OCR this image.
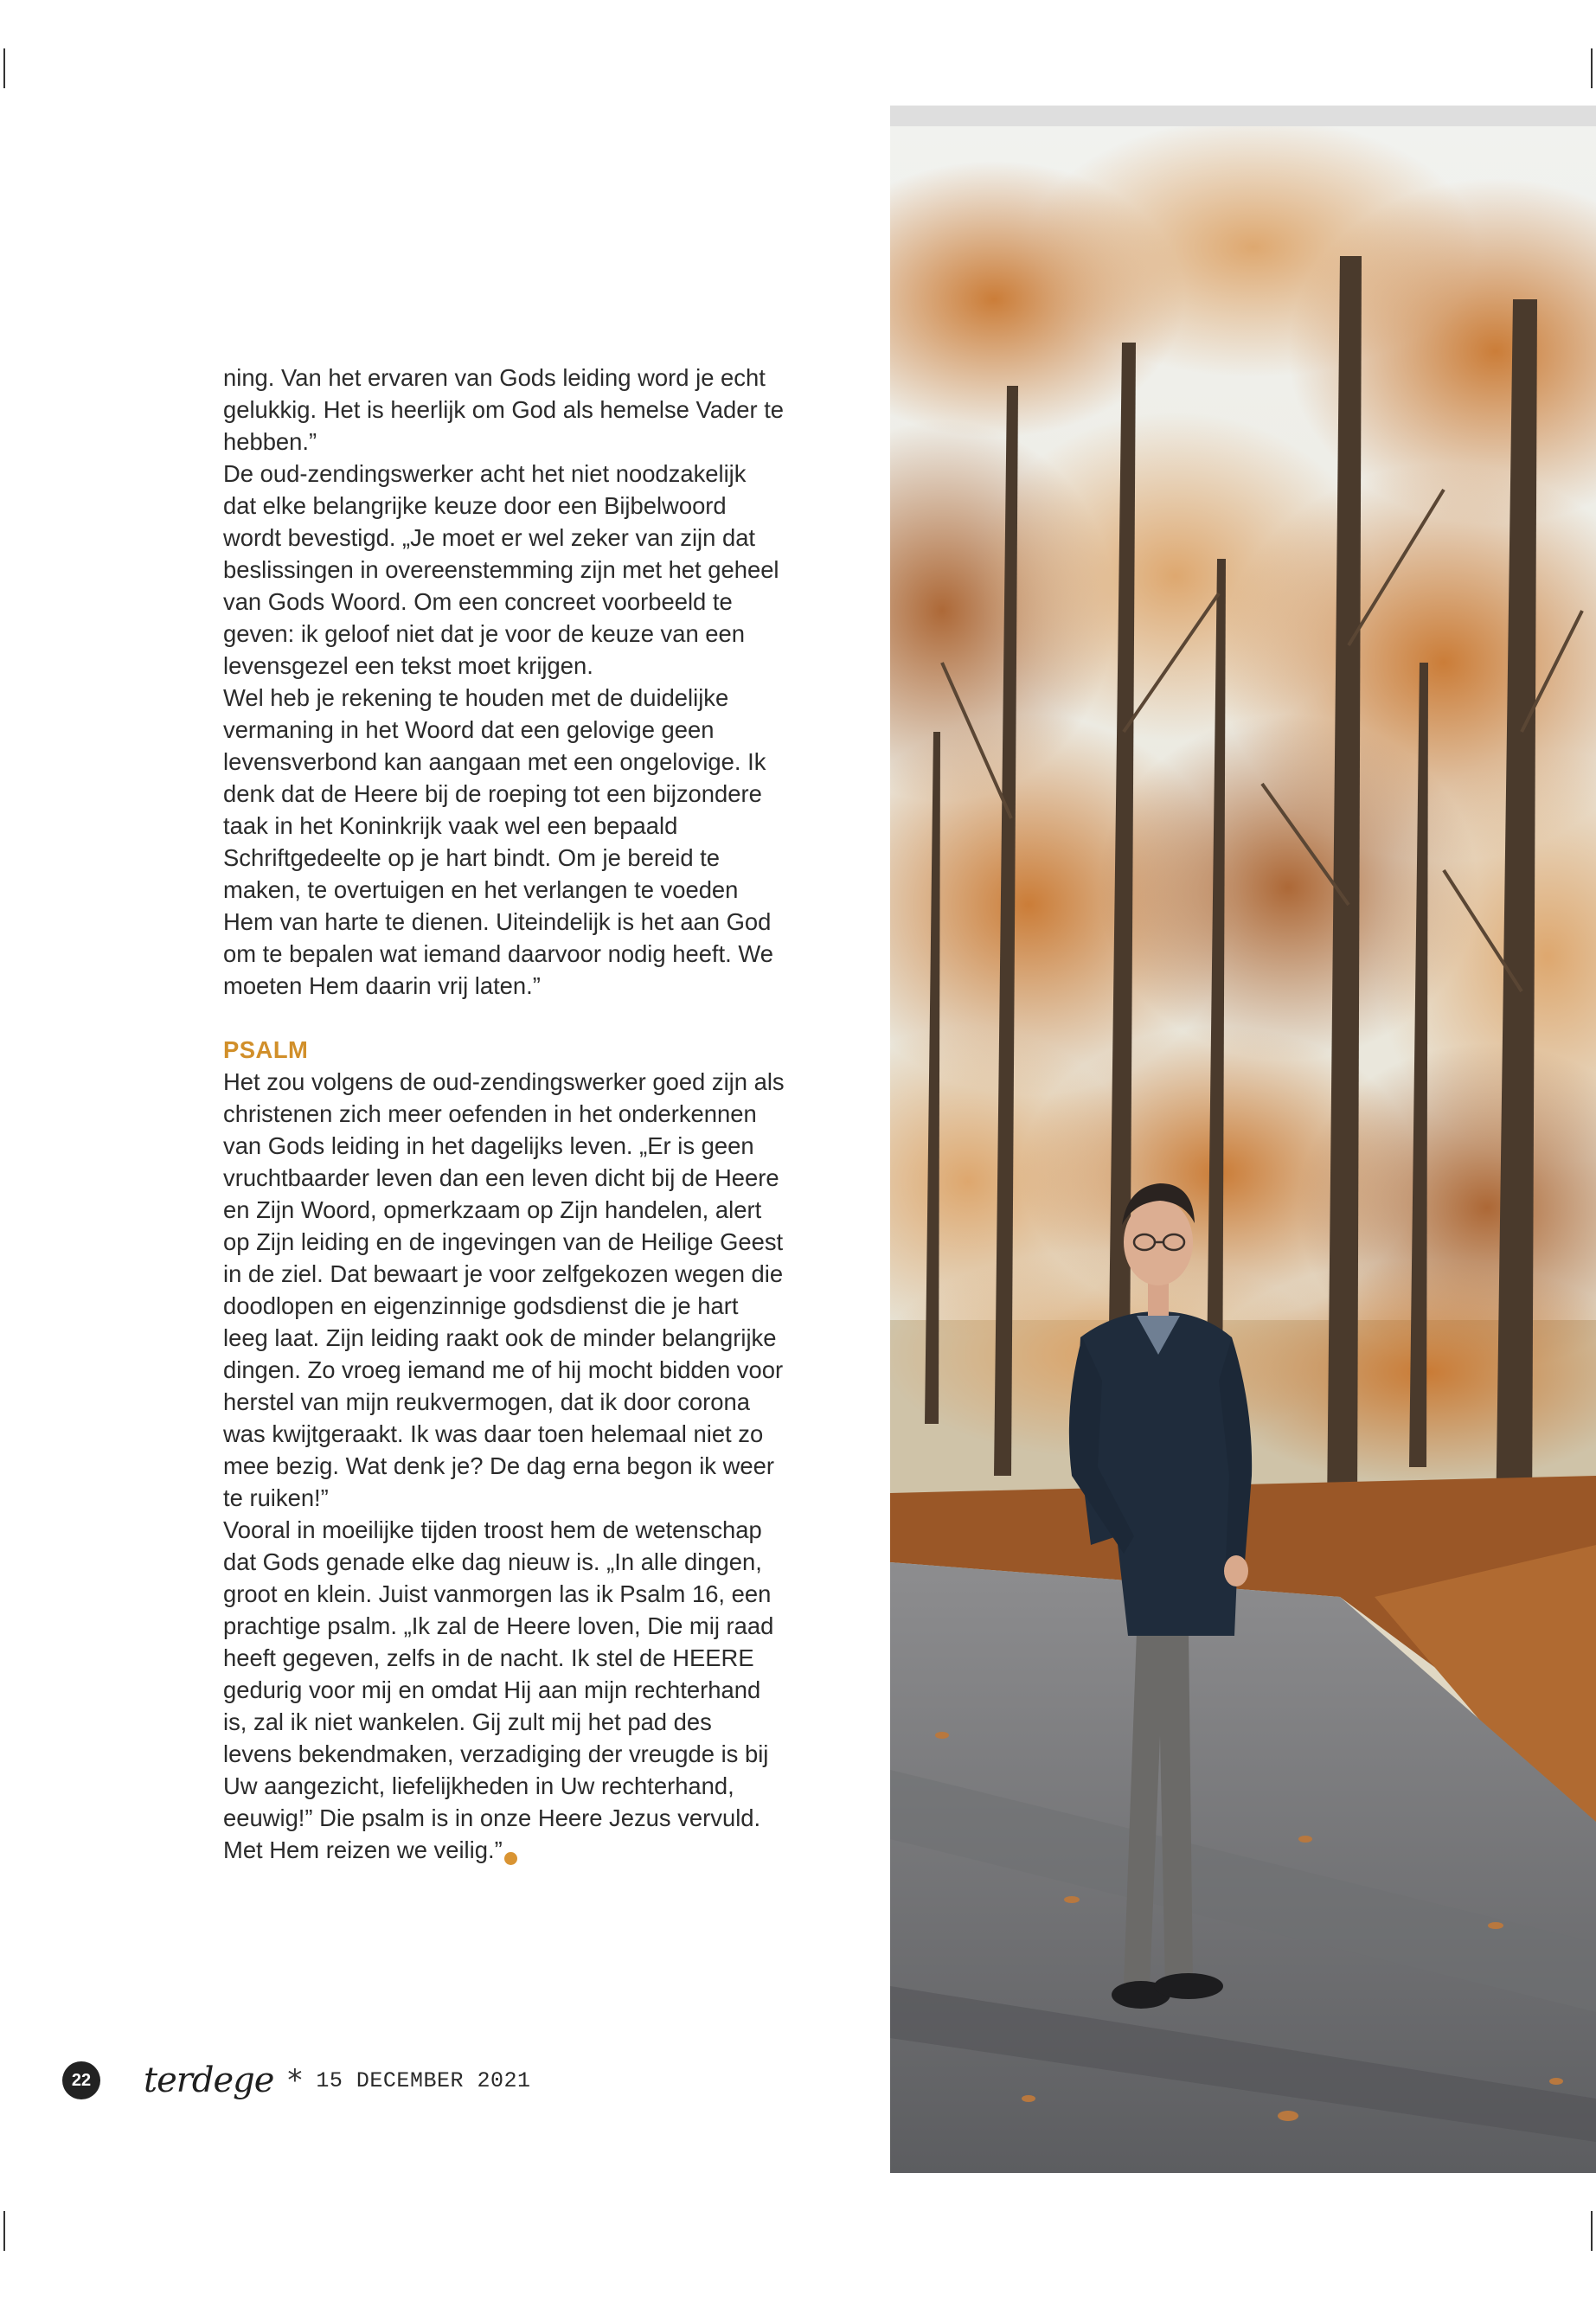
ning. Van het ervaren van Gods leiding word je echt gelukkig. Het is heerlijk om God als hemelse Vader te hebben.”

De oud-zendingswerker acht het niet noodzakelijk dat elke belangrijke keuze door een Bijbelwoord wordt bevestigd. „Je moet er wel zeker van zijn dat beslissingen in overeenstemming zijn met het geheel van Gods Woord. Om een concreet voorbeeld te geven: ik geloof niet dat je voor de keuze van een levensgezel een tekst moet krijgen.

Wel heb je rekening te houden met de duidelijke vermaning in het Woord dat een gelovige geen levensverbond kan aangaan met een ongelovige. Ik denk dat de Heere bij de roeping tot een bijzondere taak in het Koninkrijk vaak wel een bepaald Schriftgedeelte op je hart bindt. Om je bereid te maken, te overtuigen en het verlangen te voeden Hem van harte te dienen. Uiteindelijk is het aan God om te bepalen wat iemand daarvoor nodig heeft. We moeten Hem daarin vrij laten.”

PSALM

Het zou volgens de oud-zendingswerker goed zijn als christenen zich meer oefenden in het onderkennen van Gods leiding in het dagelijks leven. „Er is geen vruchtbaarder leven dan een leven dicht bij de Heere en Zijn Woord, opmerkzaam op Zijn handelen, alert op Zijn leiding en de ingevingen van de Heilige Geest in de ziel. Dat bewaart je voor zelfgekozen wegen die doodlopen en eigenzinnige godsdienst die je hart leeg laat. Zijn leiding raakt ook de minder belangrijke dingen. Zo vroeg iemand me of hij mocht bidden voor herstel van mijn reukvermogen, dat ik door corona was kwijtgeraakt. Ik was daar toen helemaal niet zo mee bezig. Wat denk je? De dag erna begon ik weer te ruiken!”

Vooral in moeilijke tijden troost hem de wetenschap dat Gods genade elke dag nieuw is. „In alle dingen, groot en klein. Juist vanmorgen las ik Psalm 16, een prachtige psalm. „Ik zal de Heere loven, Die mij raad heeft gegeven, zelfs in de nacht. Ik stel de HEERE gedurig voor mij en omdat Hij aan mijn rechterhand is, zal ik niet wankelen. Gij zult mij het pad des levens bekendmaken, verzadiging der vreugde is bij Uw aangezicht, liefelijkheden in Uw rechterhand, eeuwig!” Die psalm is in onze Heere Jezus vervuld. Met Hem reizen we veilig.”

22 terdege * 15 DECEMBER 2021
